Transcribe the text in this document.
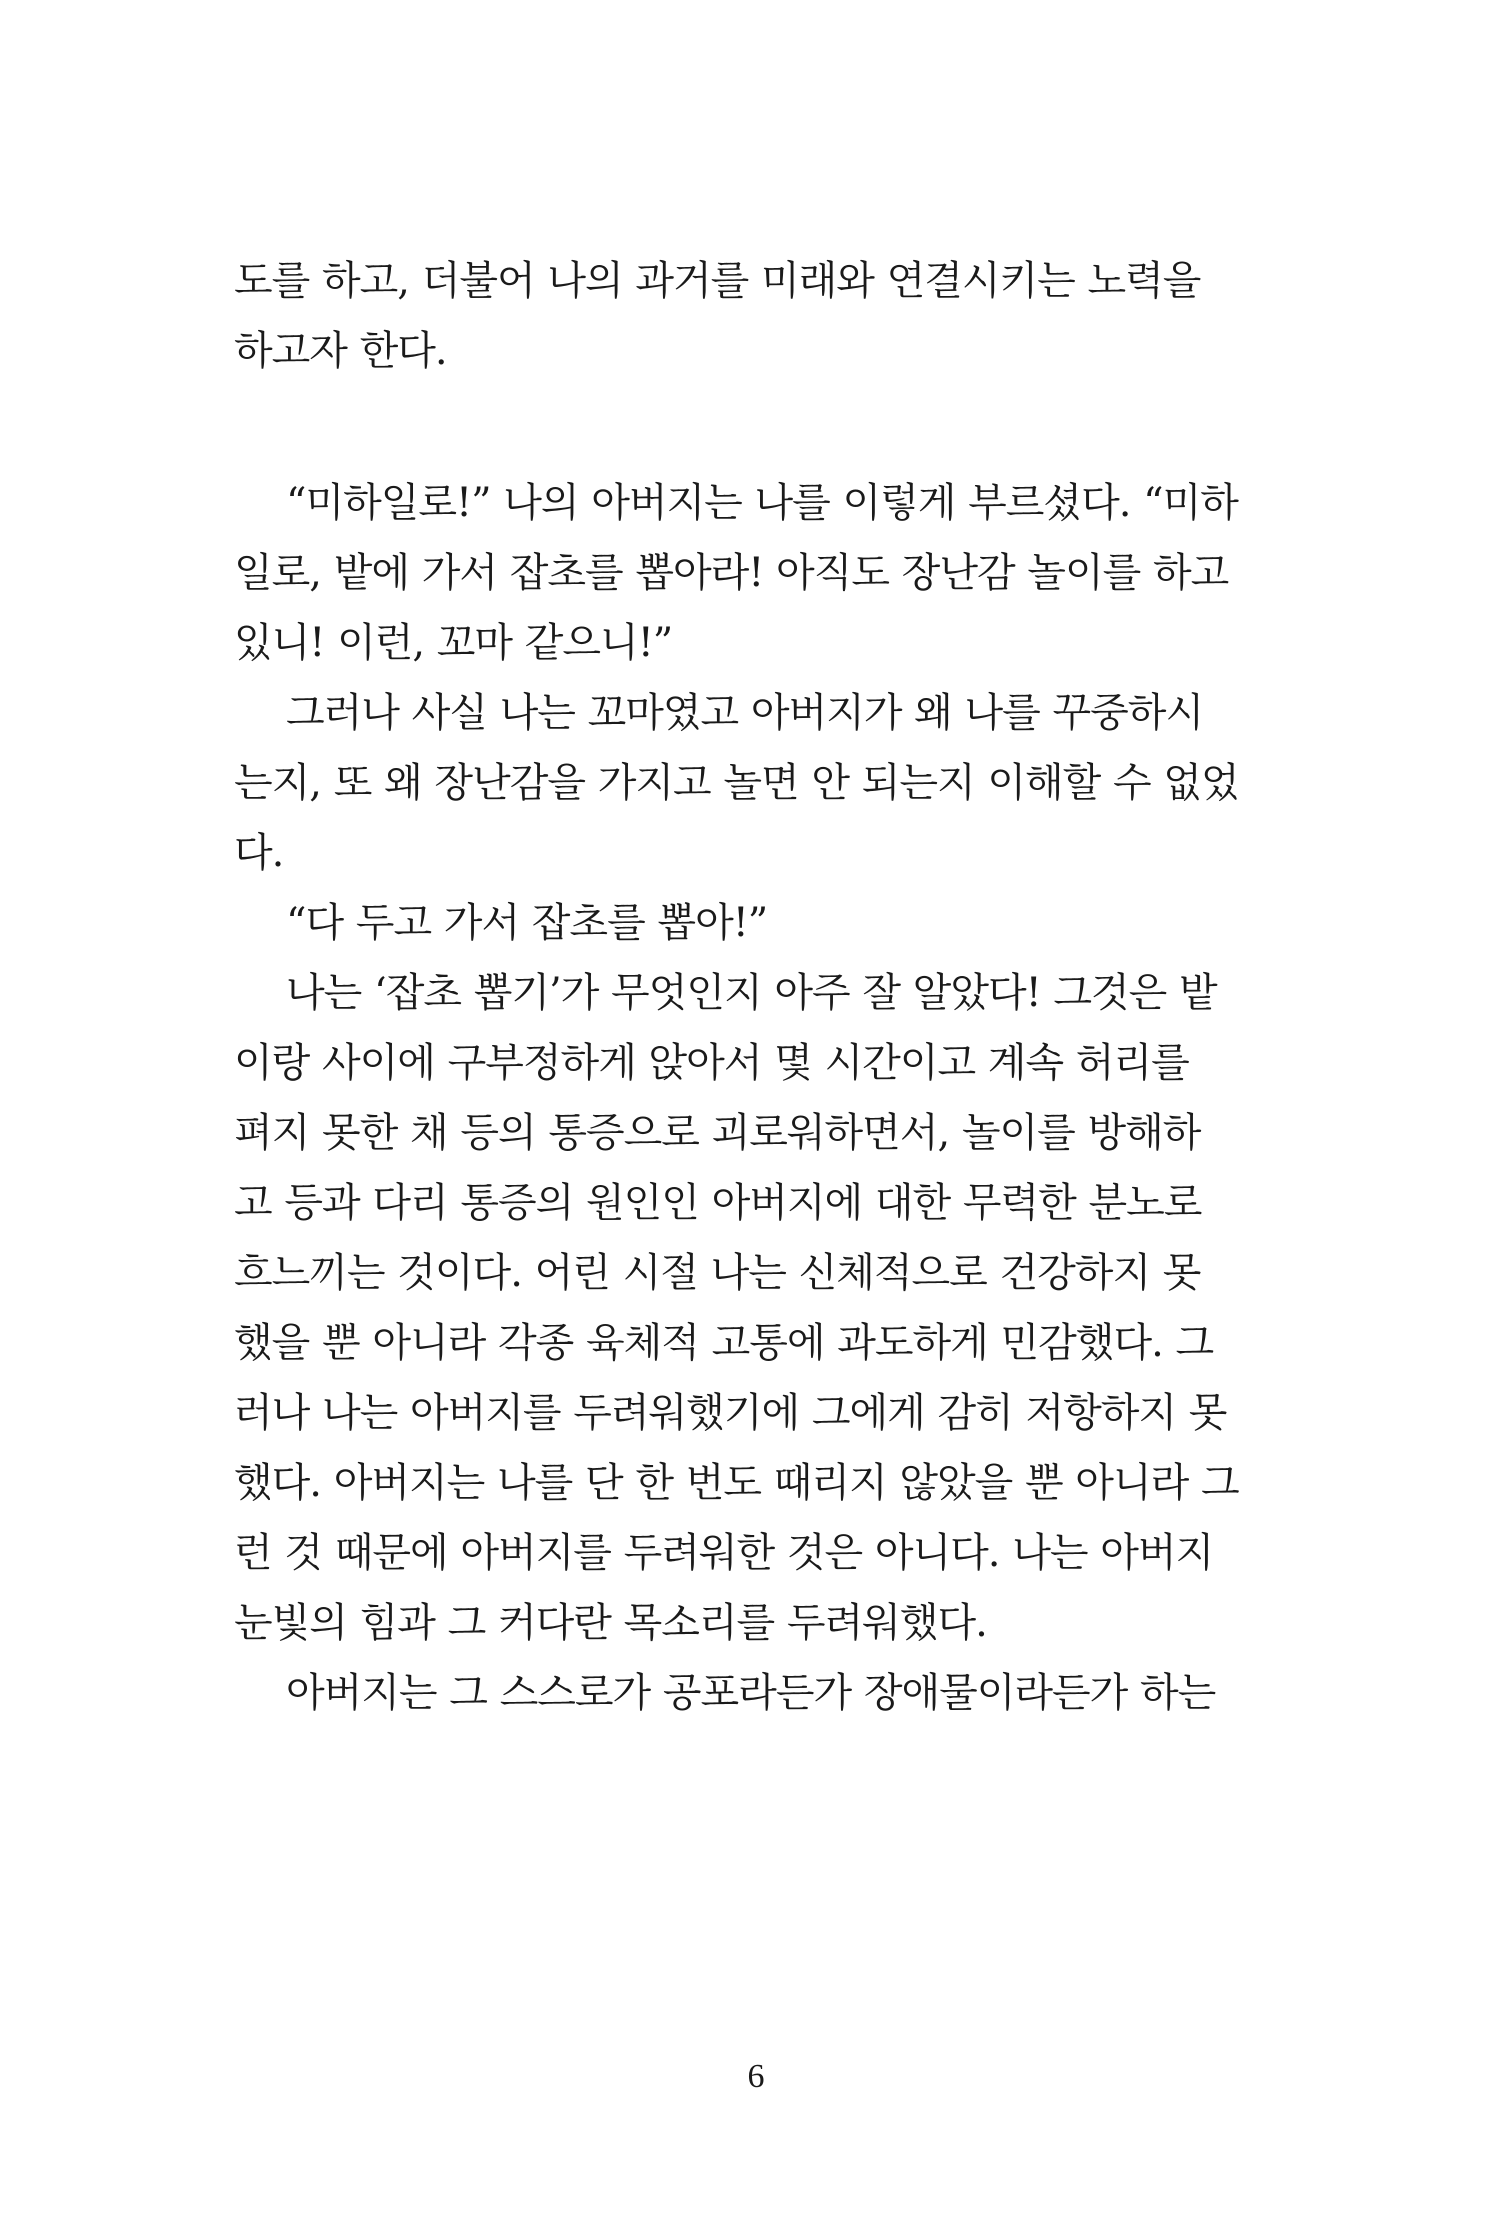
도를 하고, 더불어 나의 과거를 미래와 연결시키는 노력을
하고자 한다.
“미하일로!” 나의 아버지는 나를 이렇게 부르셨다. “미하
일로, 밭에 가서 잡초를 뽑아라! 아직도 장난감 놀이를 하고
있니! 이런, 꼬마 같으니!”
그러나 사실 나는 꼬마였고 아버지가 왜 나를 꾸중하시
는지, 또 왜 장난감을 가지고 놀면 안 되는지 이해할 수 없었
다.
“다 두고 가서 잡초를 뽑아!”
나는 ‘잡초 뽑기’가 무엇인지 아주 잘 알았다! 그것은 밭
이랑 사이에 구부정하게 앉아서 몇 시간이고 계속 허리를
펴지 못한 채 등의 통증으로 괴로워하면서, 놀이를 방해하
고 등과 다리 통증의 원인인 아버지에 대한 무력한 분노로
흐느끼는 것이다. 어린 시절 나는 신체적으로 건강하지 못
했을 뿐 아니라 각종 육체적 고통에 과도하게 민감했다. 그
러나 나는 아버지를 두려워했기에 그에게 감히 저항하지 못
했다. 아버지는 나를 단 한 번도 때리지 않았을 뿐 아니라 그
런 것 때문에 아버지를 두려워한 것은 아니다. 나는 아버지
눈빛의 힘과 그 커다란 목소리를 두려워했다.
아버지는 그 스스로가 공포라든가 장애물이라든가 하는
6
